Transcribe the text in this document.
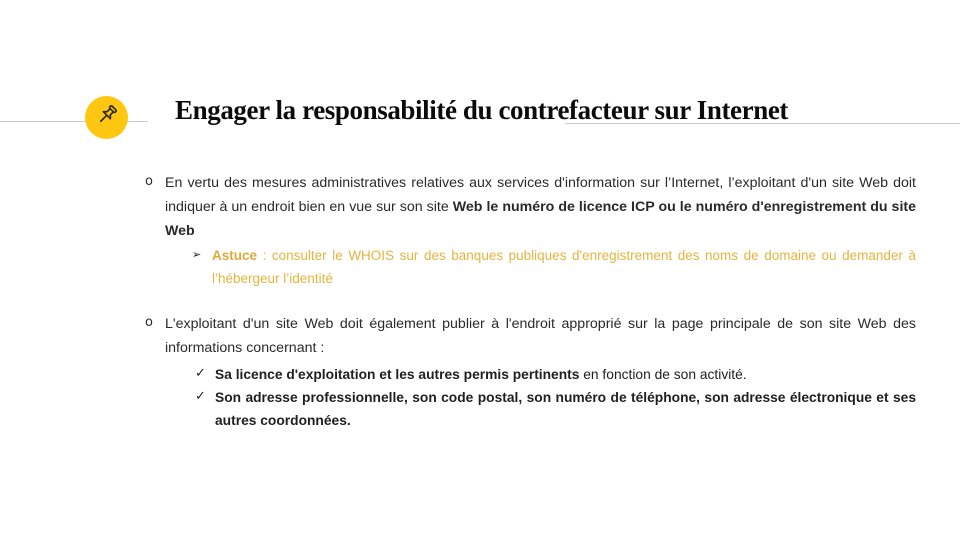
Engager la responsabilité du contrefacteur sur Internet
o En vertu des mesures administratives relatives aux services d'information sur l’Internet, l’exploitant d'un site Web doit indiquer à un endroit bien en vue sur son site Web le numéro de licence ICP ou le numéro d'enregistrement du site Web
➢ Astuce : consulter le WHOIS sur des banques publiques d'enregistrement des noms de domaine ou demander à l’hébergeur l’identité
o L'exploitant d'un site Web doit également publier à l'endroit approprié sur la page principale de son site Web des informations concernant :
✓ Sa licence d'exploitation et les autres permis pertinents en fonction de son activité.
✓ Son adresse professionnelle, son code postal, son numéro de téléphone, son adresse électronique et ses autres coordonnées.
